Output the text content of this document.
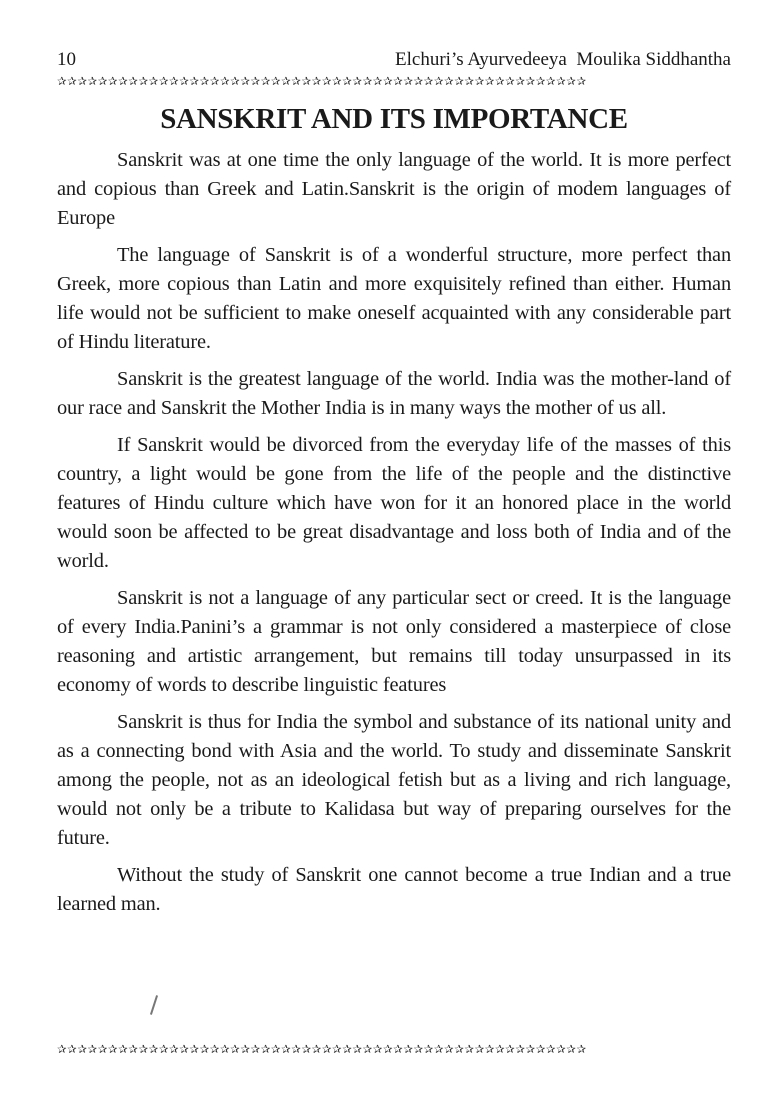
10	Elchuri’s Ayurvedeeya  Moulika Siddhantha
✰✰✰✰✰✰✰✰✰✰✰✰✰✰✰✰✰✰✰✰✰✰✰✰✰✰✰✰✰✰✰✰✰✰✰✰✰✰✰✰✰✰✰✰✰✰✰✰✰✰✰✰
SANSKRIT AND ITS IMPORTANCE

Sanskrit was at one time the only language of the world. It is more perfect and copious than Greek and Latin.Sanskrit is the origin of modem languages of Europe

The language of Sanskrit is of a wonderful structure, more perfect than Greek, more copious than Latin and more exquisitely refined than either. Human life would not be sufficient to make oneself acquainted with any considerable part of Hindu literature.

Sanskrit is the greatest language of the world. India was the mother-land of our race and Sanskrit the Mother India is in many ways the mother of us all.

If Sanskrit would be divorced from the everyday life of the masses of this country, a light would be gone from the life of the people and the distinctive features of Hindu culture which have won for it an honored place in the world would soon be affected to be great disadvantage and loss both of India and of the world.

Sanskrit is not a language of any particular sect or creed. It is the language of every India.Panini’s a grammar is not only considered a masterpiece of close reasoning and artistic arrangement, but remains till today unsurpassed in its economy of words to describe linguistic features

Sanskrit is thus for India the symbol and substance of its national unity and as a connecting bond with Asia and the world. To study and disseminate Sanskrit among the people, not as an ideological fetish but as a living and rich language, would not only be a tribute to Kalidasa but way of preparing ourselves for the future.

Without the study of Sanskrit one cannot become a true Indian and a true learned man.

✰✰✰✰✰✰✰✰✰✰✰✰✰✰✰✰✰✰✰✰✰✰✰✰✰✰✰✰✰✰✰✰✰✰✰✰✰✰✰✰✰✰✰✰✰✰✰✰✰✰✰✰
